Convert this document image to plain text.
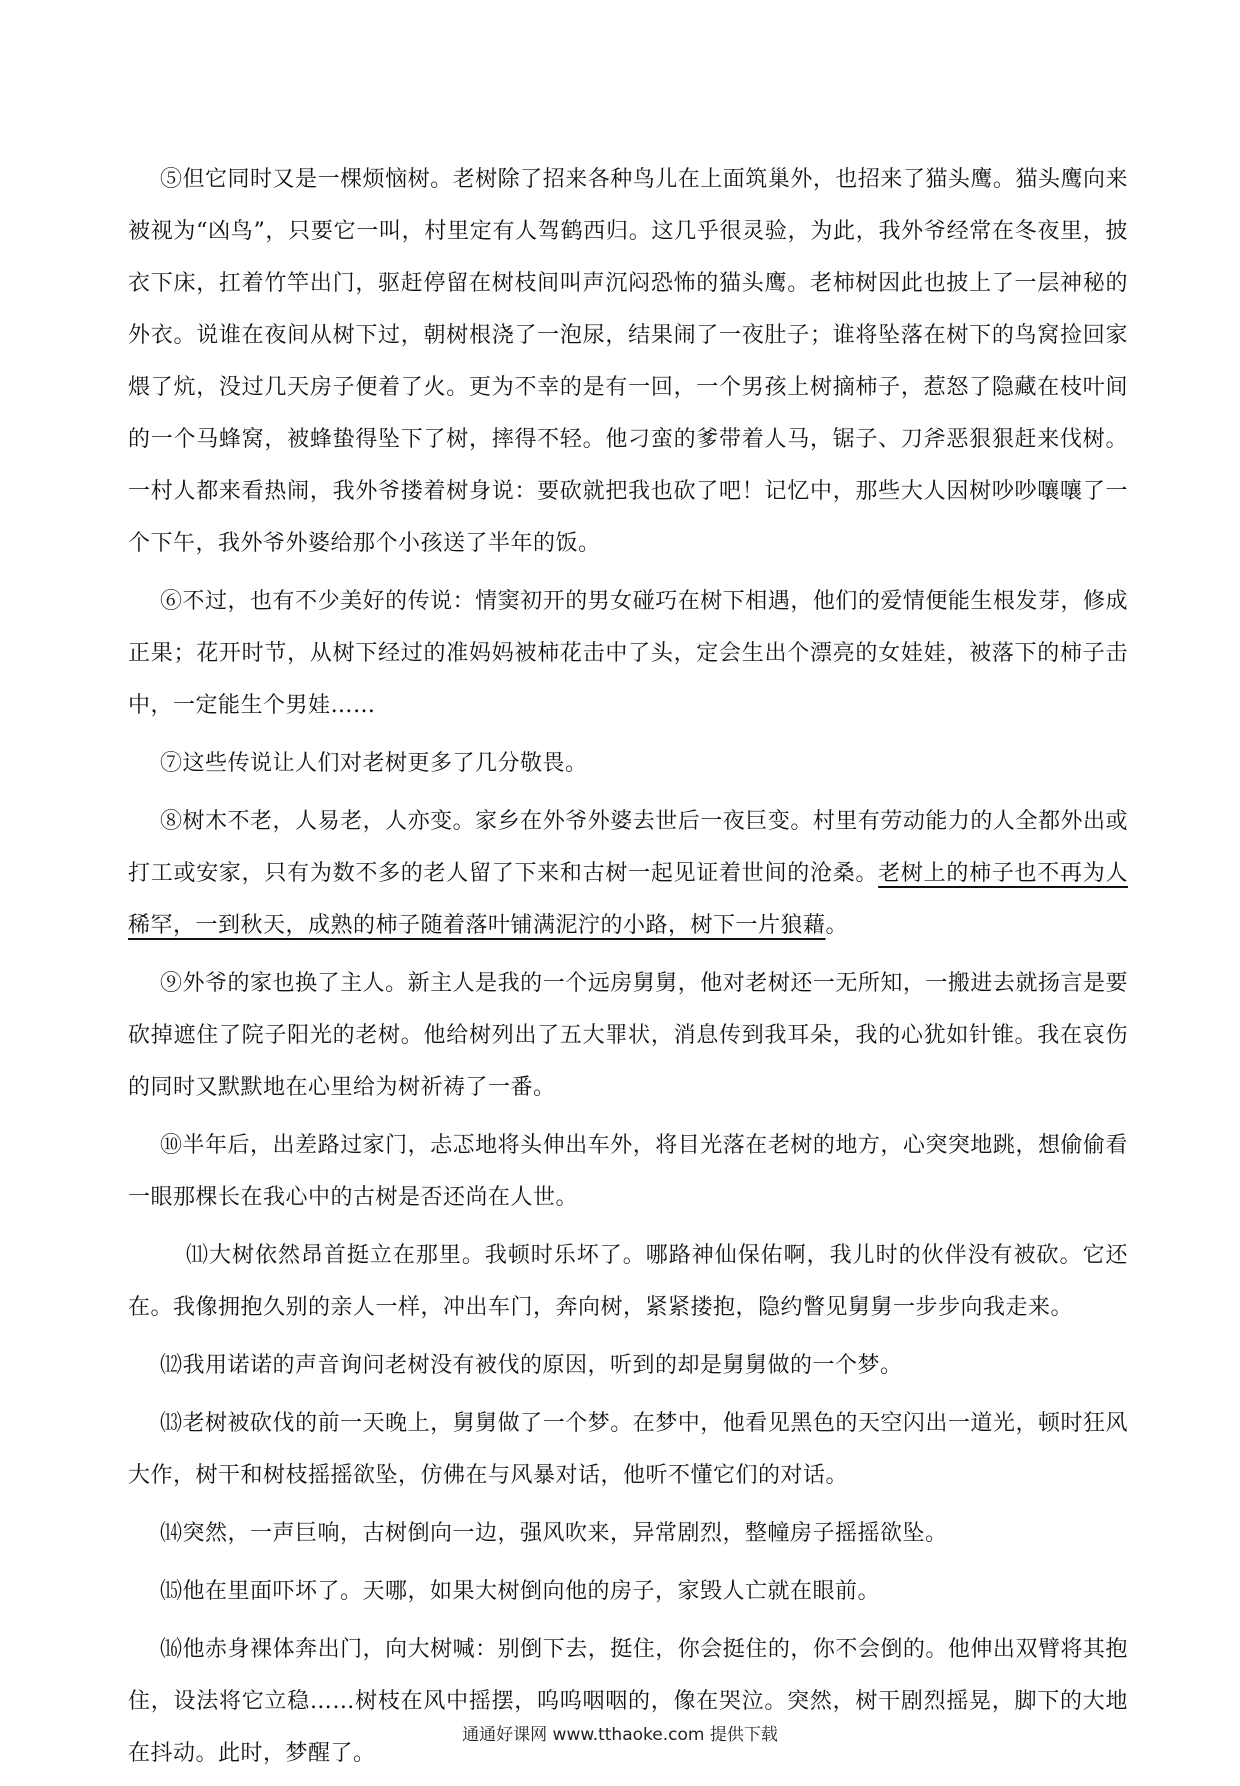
⑤但它同时又是一棵烦恼树。老树除了招来各种鸟儿在上面筑巢外，也招来了猫头鹰。猫头鹰向来被视为“凶鸟”，只要它一叫，村里定有人驾鹤西归。这几乎很灵验，为此，我外爷经常在冬夜里，披衣下床，扛着竹竿出门，驱赶停留在树枝间叫声沉闷恐怖的猫头鹰。老柿树因此也披上了一层神秘的外衣。说谁在夜间从树下过，朝树根浇了一泡尿，结果闹了一夜肚子；谁将坠落在树下的鸟窝捡回家煨了炕，没过几天房子便着了火。更为不幸的是有一回，一个男孩上树摘柿子，惹怒了隐藏在枝叶间的一个马蜂窝，被蜂蛰得坠下了树，摔得不轻。他刁蛮的爹带着人马，锯子、刀斧恶狠狠赶来伐树。一村人都来看热闹，我外爷搂着树身说：要砍就把我也砍了吧！记忆中，那些大人因树吵吵嚷嚷了一个下午，我外爷外婆给那个小孩送了半年的饭。

⑥不过，也有不少美好的传说：情窦初开的男女碰巧在树下相遇，他们的爱情便能生根发芽，修成正果；花开时节，从树下经过的准妈妈被柿花击中了头，定会生出个漂亮的女娃娃，被落下的柿子击中，一定能生个男娃……

⑦这些传说让人们对老树更多了几分敬畏。

⑧树木不老，人易老，人亦变。家乡在外爷外婆去世后一夜巨变。村里有劳动能力的人全都外出或打工或安家，只有为数不多的老人留了下来和古树一起见证着世间的沧桑。老树上的柿子也不再为人稀罕，一到秋天，成熟的柿子随着落叶铺满泥泞的小路，树下一片狼藉。

⑨外爷的家也换了主人。新主人是我的一个远房舅舅，他对老树还一无所知，一搬进去就扬言是要砍掉遮住了院子阳光的老树。他给树列出了五大罪状，消息传到我耳朵，我的心犹如针锥。我在哀伤的同时又默默地在心里给为树祈祷了一番。

⑩半年后，出差路过家门，忐忑地将头伸出车外，将目光落在老树的地方，心突突地跳，想偷偷看一眼那棵长在我心中的古树是否还尚在人世。

⑾大树依然昂首挺立在那里。我顿时乐坏了。哪路神仙保佑啊，我儿时的伙伴没有被砍。它还在。我像拥抱久别的亲人一样，冲出车门，奔向树，紧紧搂抱，隐约瞥见舅舅一步步向我走来。

⑿我用诺诺的声音询问老树没有被伐的原因，听到的却是舅舅做的一个梦。

⒀老树被砍伐的前一天晚上，舅舅做了一个梦。在梦中，他看见黑色的天空闪出一道光，顿时狂风大作，树干和树枝摇摇欲坠，仿佛在与风暴对话，他听不懂它们的对话。

⒁突然，一声巨响，古树倒向一边，强风吹来，异常剧烈，整幢房子摇摇欲坠。

⒂他在里面吓坏了。天哪，如果大树倒向他的房子，家毁人亡就在眼前。

⒃他赤身裸体奔出门，向大树喊：别倒下去，挺住，你会挺住的，你不会倒的。他伸出双臂将其抱住，设法将它立稳……树枝在风中摇摆，呜呜咽咽的，像在哭泣。突然，树干剧烈摇晃，脚下的大地在抖动。此时，梦醒了。

通通好课网 www.tthaoke.com 提供下载
